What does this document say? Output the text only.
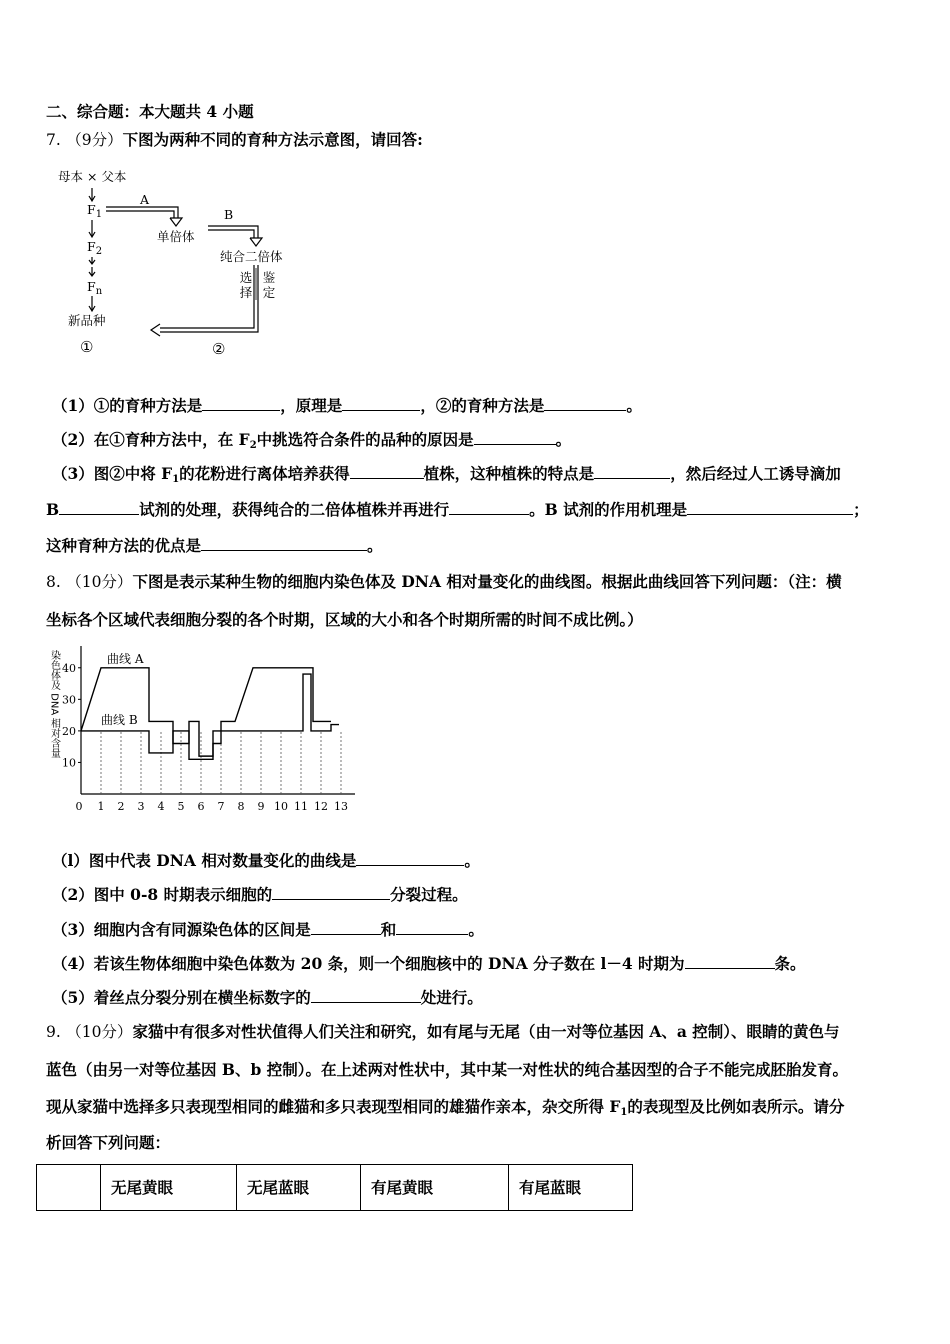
二、综合题：本大题共 4 小题
7. （9分）下图为两种不同的育种方法示意图，请回答:
母本 × 父本
$F_1$
$F_2$
$F_n$
新品种
A
B
单倍体
纯合二倍体
选择
鉴定
①	②
（1）①的育种方法是	，原理是	，②的育种方法是	。
（2）在①育种方法中，在 $F_2$中挑选符合条件的品种的原因是	。
（3）图②中将 $F_1$的花粉进行离体培养获得	植株，这种植株的特点是	，然后经过人工诱导滴加
B	试剂的处理，获得纯合的二倍体植株并再进行	。B 试剂的作用机理是	；
这种育种方法的优点是	。
8. （10分）下图是表示某种生物的细胞内染色体及 DNA 相对量变化的曲线图。根据此曲线回答下列问题：（注：横
坐标各个区域代表细胞分裂的各个时期，区域的大小和各个时期所需的时间不成比例。）
10
20
30
40
0 1 2 3 4 5 6 7 8 9 10 11 12 13
染色体及 DNA 相对含量	曲线 A
曲线 B
（l）图中代表 DNA 相对数量变化的曲线是	。
（2）图中 0-8 时期表示细胞的	分裂过程。
（3）细胞内含有同源染色体的区间是	和	。
（4）若该生物体细胞中染色体数为 20 条，则一个细胞核中的 DNA 分子数在 l－4 时期为	条。
（5）着丝点分裂分别在横坐标数字的	处进行。
9. （10分）家猫中有很多对性状值得人们关注和研究，如有尾与无尾（由一对等位基因 A、a 控制）、眼睛的黄色与
蓝色（由另一对等位基因 B、b 控制）。在上述两对性状中，其中某一对性状的纯合基因型的合子不能完成胚胎发育。
现从家猫中选择多只表现型相同的雌猫和多只表现型相同的雄猫作亲本，杂交所得 $F_1$的表现型及比例如表所示。请分
析回答下列问题：
	无尾黄眼	无尾蓝眼	有尾黄眼	有尾蓝眼
